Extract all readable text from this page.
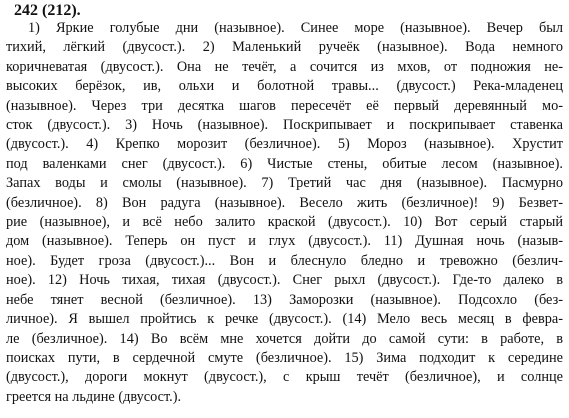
242 (212).
1) Яркие голубые дни (назывное). Синее море (назывное). Вечер был
тихий, лёгкий (двусост.). 2) Маленький ручеёк (назывное). Вода немного
коричневатая (двусост.). Она не течёт, а сочится из мхов, от подножия не-
высоких берёзок, ив, ольхи и болотной травы... (двусост.) Река-младенец
(назывное). Через три десятка шагов пересечёт её первый деревянный мо-
сток (двусост.). 3) Ночь (назывное). Поскрипывает и поскрипывает ставенка
(двусост.). 4) Крепко морозит (безличное). 5) Мороз (назывное). Хрустит
под валенками снег (двусост.). 6) Чистые стены, обитые лесом (назывное).
Запах воды и смолы (назывное). 7) Третий час дня (назывное). Пасмурно
(безличное). 8) Вон радуга (назывное). Весело жить (безличное)! 9) Безвет-
рие (назывное), и всё небо залито краской (двусост.). 10) Вот серый старый
дом (назывное). Теперь он пуст и глух (двусост.). 11) Душная ночь (назыв-
ное). Будет гроза (двусост.)... Вон и блеснуло бледно и тревожно (безлич-
ное). 12) Ночь тихая, тихая (двусост.). Снег рыхл (двусост.). Где-то далеко в
небе тянет весной (безличное). 13) Заморозки (назывное). Подсохло (без-
личное). Я вышел пройтись к речке (двусост.). (14) Мело весь месяц в февра-
ле (безличное). 14) Во всём мне хочется дойти до самой сути: в работе, в
поисках пути, в сердечной смуте (безличное). 15) Зима подходит к середине
(двусост.), дороги мокнут (двусост.), с крыш течёт (безличное), и солнце
греется на льдине (двусост.).
